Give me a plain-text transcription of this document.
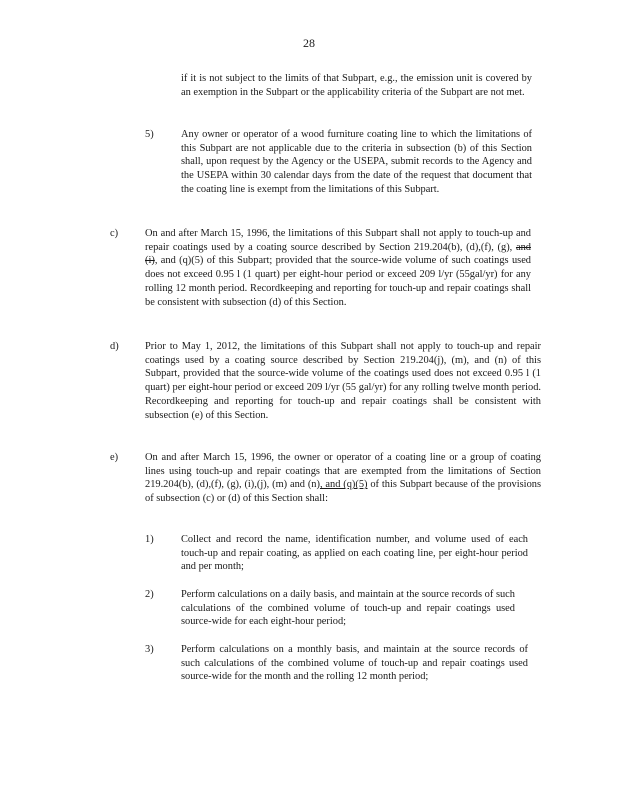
28

if it is not subject to the limits of that Subpart, e.g., the emission unit is covered by an exemption in the Subpart or the applicability criteria of the Subpart are not met.

5)	Any owner or operator of a wood furniture coating line to which the limitations of this Subpart are not applicable due to the criteria in subsection (b) of this Section shall, upon request by the Agency or the USEPA, submit records to the Agency and the USEPA within 30 calendar days from the date of the request that document that the coating line is exempt from the limitations of this Subpart.

c)	On and after March 15, 1996, the limitations of this Subpart shall not apply to touch-up and repair coatings used by a coating source described by Section 219.204(b), (d),(f), (g), and (i), and (q)(5) of this Subpart; provided that the source-wide volume of such coatings used does not exceed 0.95 l (1 quart) per eight-hour period or exceed 209 l/yr (55gal/yr) for any rolling 12 month period. Recordkeeping and reporting for touch-up and repair coatings shall be consistent with subsection (d) of this Section.

d)	Prior to May 1, 2012, the limitations of this Subpart shall not apply to touch-up and repair coatings used by a coating source described by Section 219.204(j), (m), and (n) of this Subpart, provided that the source-wide volume of the coatings used does not exceed 0.95 l (1 quart) per eight-hour period or exceed 209 l/yr (55 gal/yr) for any rolling twelve month period. Recordkeeping and reporting for touch-up and repair coatings shall be consistent with subsection (e) of this Section.

e)	On and after March 15, 1996, the owner or operator of a coating line or a group of coating lines using touch-up and repair coatings that are exempted from the limitations of Section 219.204(b), (d),(f), (g), (i),(j), (m) and (n), and (q)(5) of this Subpart because of the provisions of subsection (c) or (d) of this Section shall:

1)	Collect and record the name, identification number, and volume used of each touch-up and repair coating, as applied on each coating line, per eight-hour period and per month;

2)	Perform calculations on a daily basis, and maintain at the source records of such calculations of the combined volume of touch-up and repair coatings used source-wide for each eight-hour period;

3)	Perform calculations on a monthly basis, and maintain at the source records of such calculations of the combined volume of touch-up and repair coatings used source-wide for the month and the rolling 12 month period;
